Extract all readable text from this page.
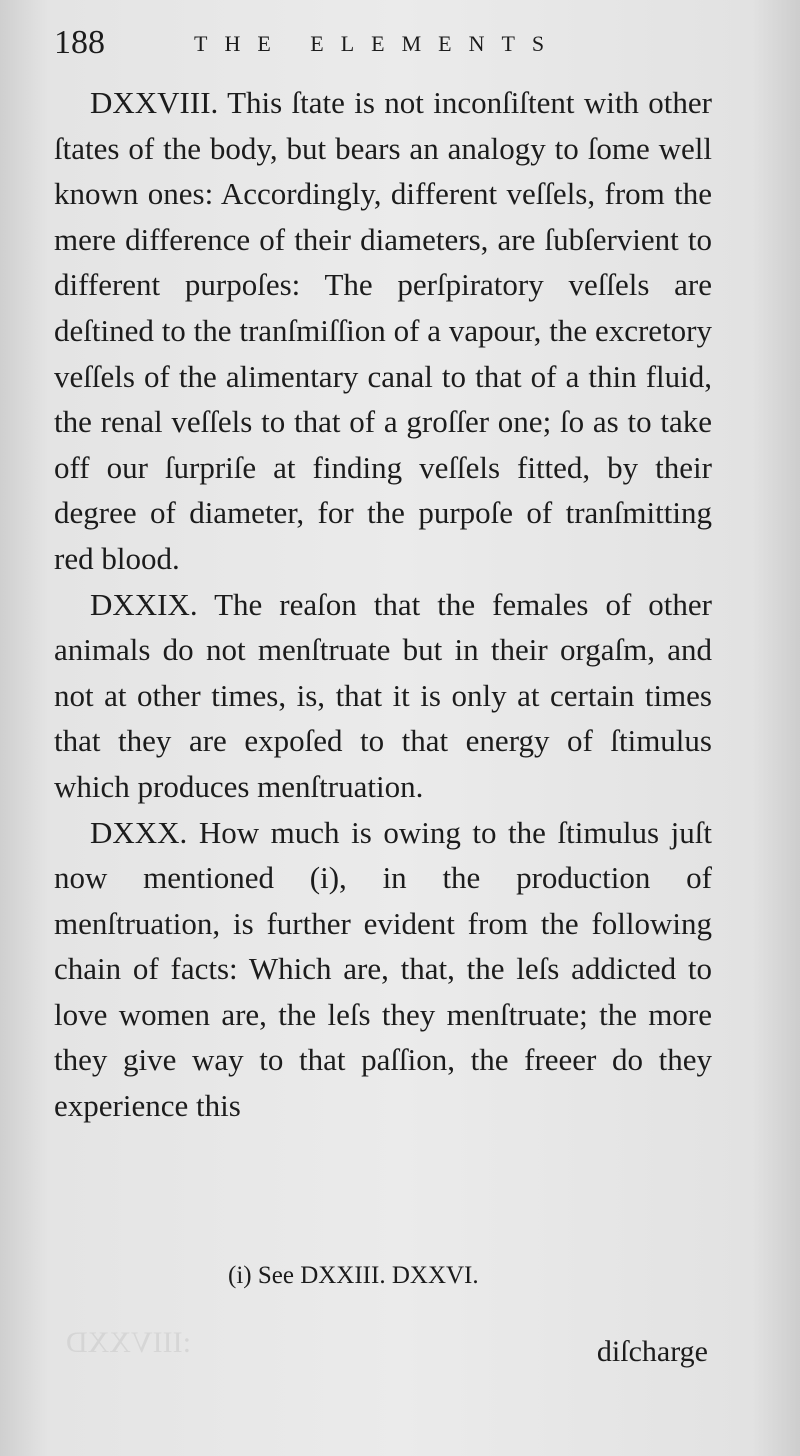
:IIIVXXD
188	THE ELEMENTS

DXXVIII. This ſtate is not inconſiſtent with other ſtates of the body, but bears an analogy to ſome well known ones: Accordingly, different veſſels, from the mere difference of their diameters, are ſubſervient to different purpoſes: The perſpiratory veſſels are deſtined to the tranſmiſſion of a vapour, the excretory veſſels of the alimentary canal to that of a thin fluid, the renal veſſels to that of a groſſer one; ſo as to take off our ſurpriſe at finding veſſels fitted, by their degree of diameter, for the purpoſe of tranſmitting red blood.

DXXIX. The reaſon that the females of other animals do not menſtruate but in their orgaſm, and not at other times, is, that it is only at certain times that they are expoſed to that energy of ſtimulus which produces menſtruation.

DXXX. How much is owing to the ſtimulus juſt now mentioned (i), in the production of menſtruation, is further evident from the following chain of facts: Which are, that, the leſs addicted to love women are, the leſs they menſtruate; the more they give way to that paſſion, the freeer do they experience this

(i) See DXXIII. DXXVI.
diſcharge
